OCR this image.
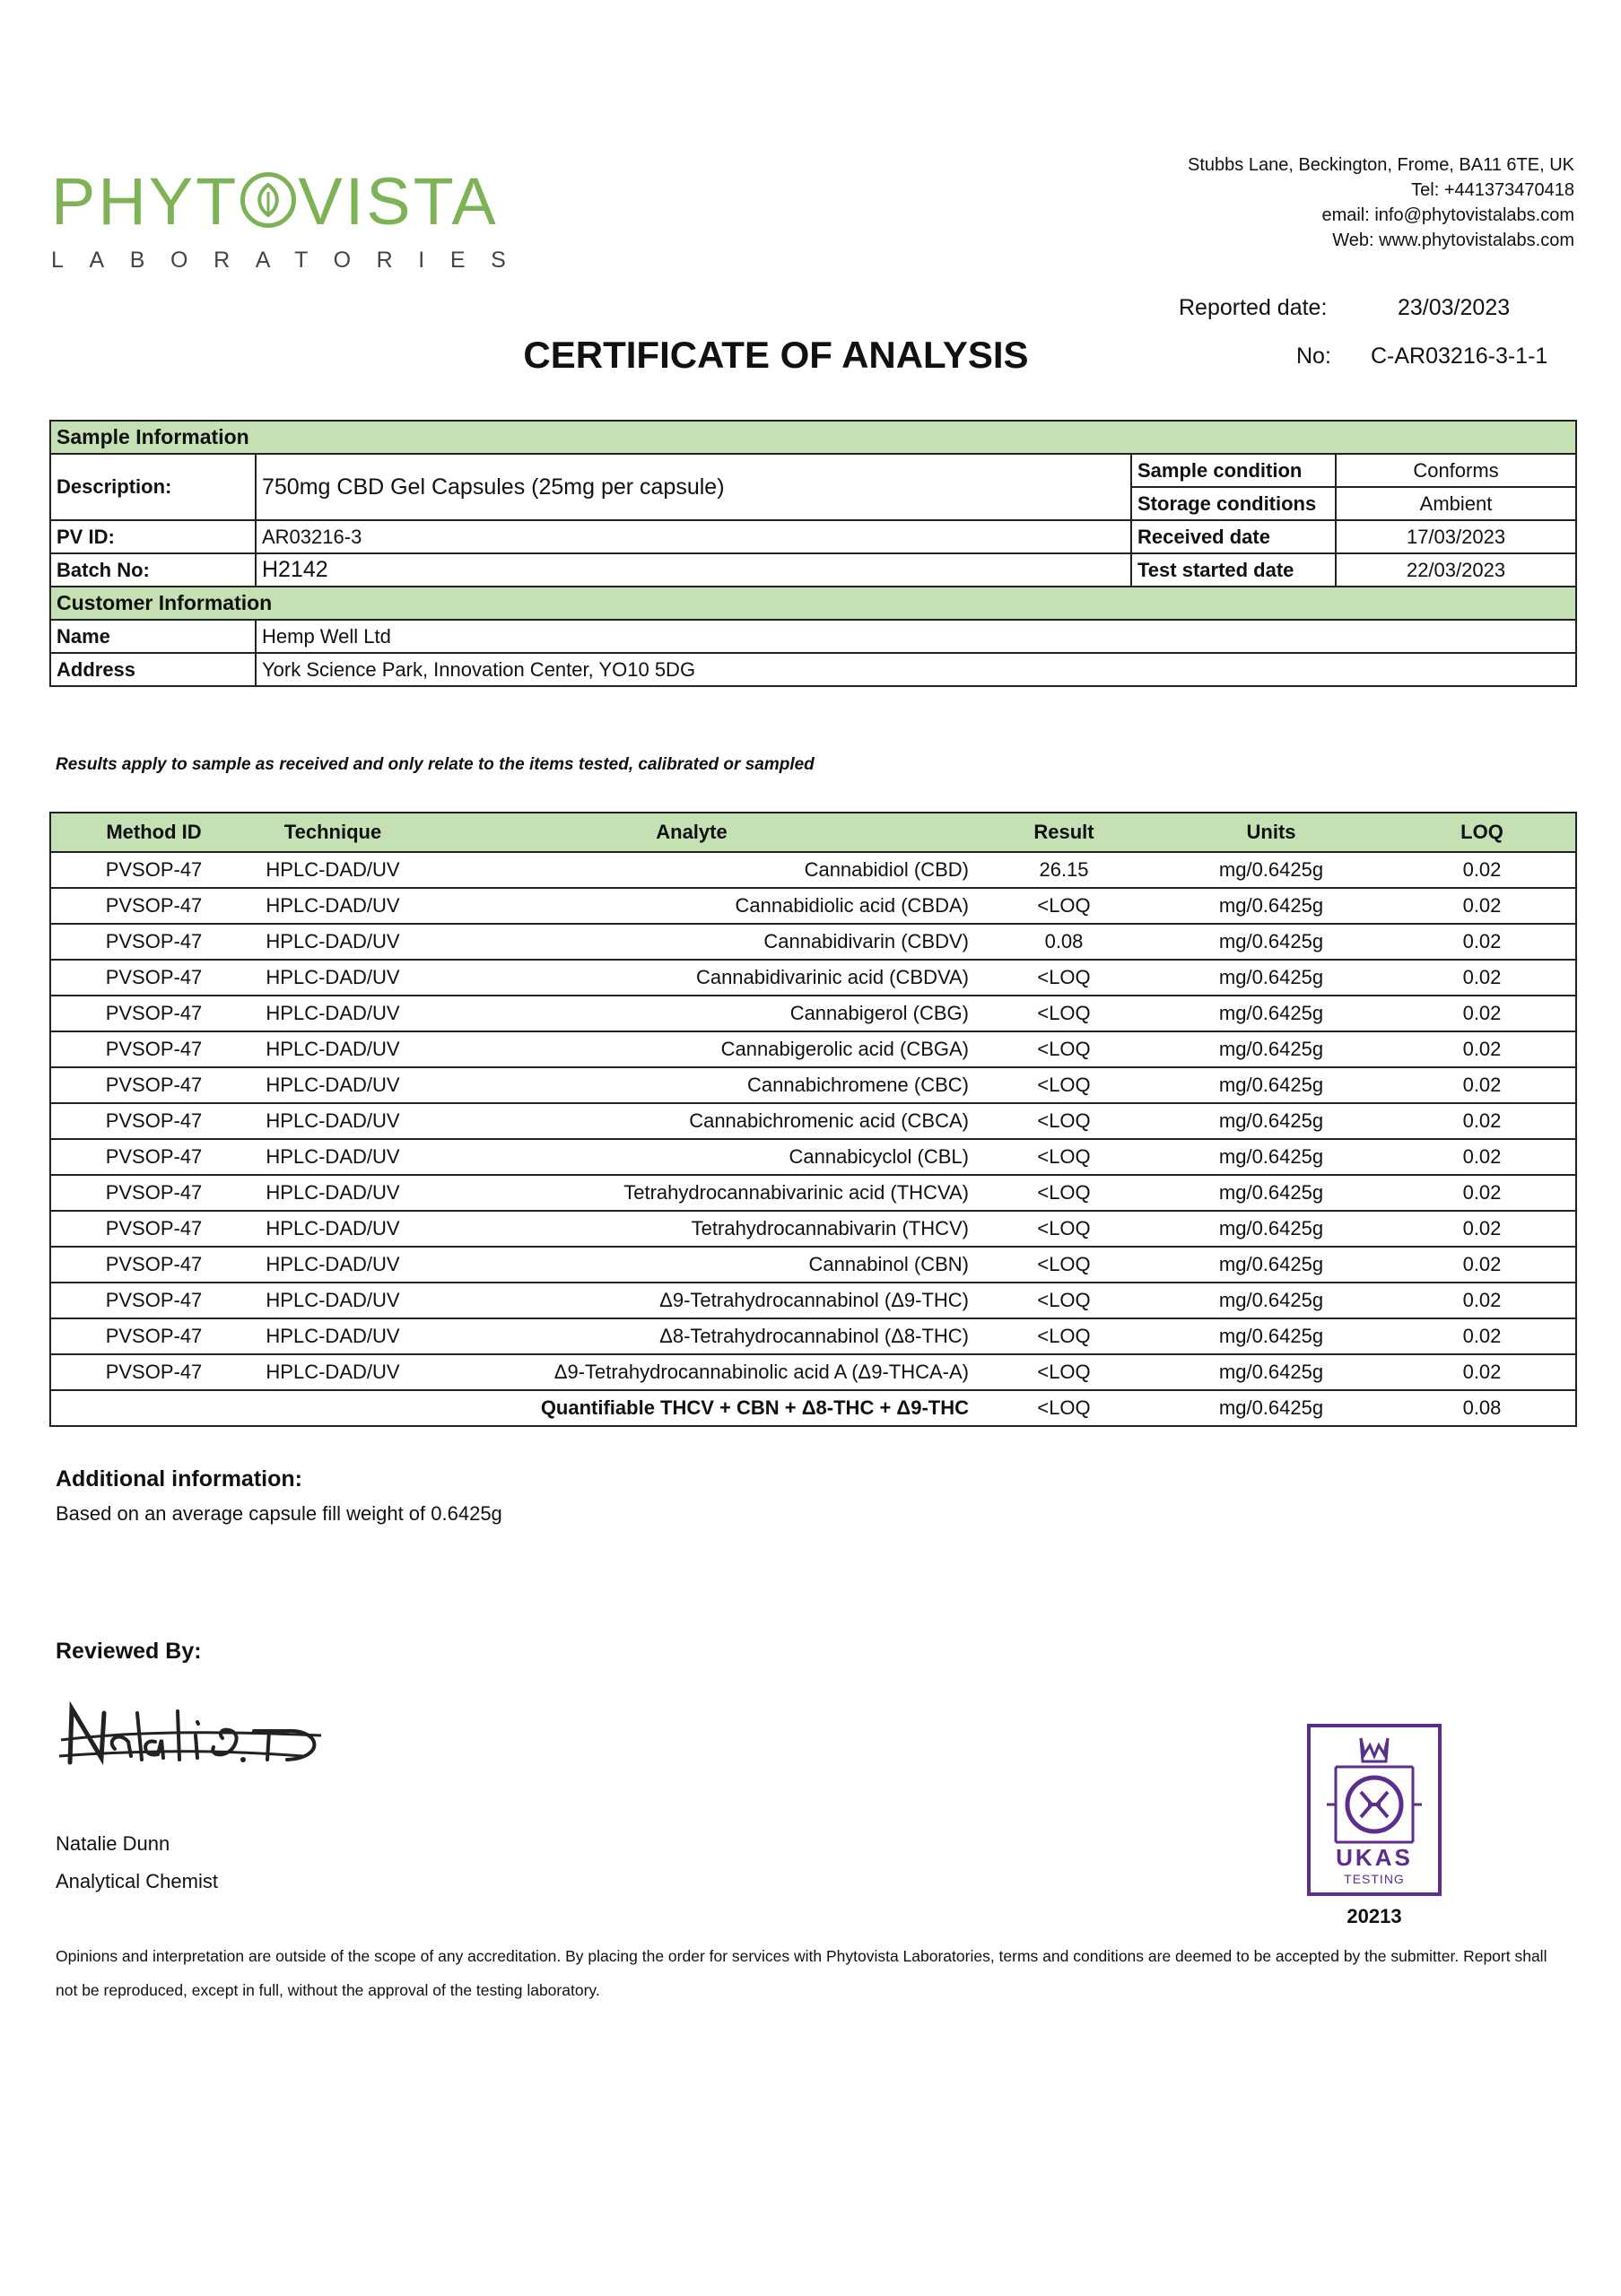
PHYT VISTA
LABORATORIES
Stubbs Lane, Beckington, Frome, BA11 6TE, UK
Tel: +441373470418
email: info@phytovistalabs.com
Web: www.phytovistalabs.com
Reported date:	23/03/2023
No: C-AR03216-3-1-1
CERTIFICATE OF ANALYSIS
Sample Information			
Description:	750mg CBD Gel Capsules (25mg per capsule)	Sample condition	Conforms
		Storage conditions	Ambient
PV ID:	AR03216-3	Received date	17/03/2023
Batch No:	H2142	Test started date	22/03/2023
Customer Information			
Name	Hemp Well Ltd		
Address	York Science Park, Innovation Center, YO10 5DG		
Results apply to sample as received and only relate to the items tested, calibrated or sampled
Method ID	Technique	Analyte	Result	Units	LOQ
PVSOP-47	HPLC-DAD/UV	Cannabidiol (CBD)	26.15	mg/0.6425g	0.02
PVSOP-47	HPLC-DAD/UV	Cannabidiolic acid (CBDA)	<LOQ	mg/0.6425g	0.02
PVSOP-47	HPLC-DAD/UV	Cannabidivarin (CBDV)	0.08	mg/0.6425g	0.02
PVSOP-47	HPLC-DAD/UV	Cannabidivarinic acid (CBDVA)	<LOQ	mg/0.6425g	0.02
PVSOP-47	HPLC-DAD/UV	Cannabigerol (CBG)	<LOQ	mg/0.6425g	0.02
PVSOP-47	HPLC-DAD/UV	Cannabigerolic acid (CBGA)	<LOQ	mg/0.6425g	0.02
PVSOP-47	HPLC-DAD/UV	Cannabichromene (CBC)	<LOQ	mg/0.6425g	0.02
PVSOP-47	HPLC-DAD/UV	Cannabichromenic acid (CBCA)	<LOQ	mg/0.6425g	0.02
PVSOP-47	HPLC-DAD/UV	Cannabicyclol (CBL)	<LOQ	mg/0.6425g	0.02
PVSOP-47	HPLC-DAD/UV	Tetrahydrocannabivarinic acid (THCVA)	<LOQ	mg/0.6425g	0.02
PVSOP-47	HPLC-DAD/UV	Tetrahydrocannabivarin (THCV)	<LOQ	mg/0.6425g	0.02
PVSOP-47	HPLC-DAD/UV	Cannabinol (CBN)	<LOQ	mg/0.6425g	0.02
PVSOP-47	HPLC-DAD/UV	Δ9-Tetrahydrocannabinol (Δ9-THC)	<LOQ	mg/0.6425g	0.02
PVSOP-47	HPLC-DAD/UV	Δ8-Tetrahydrocannabinol (Δ8-THC)	<LOQ	mg/0.6425g	0.02
PVSOP-47	HPLC-DAD/UV	Δ9-Tetrahydrocannabinolic acid A (Δ9-THCA-A)	<LOQ	mg/0.6425g	0.02
		Quantifiable THCV + CBN + Δ8-THC + Δ9-THC	<LOQ	mg/0.6425g	0.08
Additional information:
Based on an average capsule fill weight of 0.6425g
Reviewed By:
Natalie Dunn
Analytical Chemist
UKAS
TESTING
20213
Opinions and interpretation are outside of the scope of any accreditation. By placing the order for services with Phytovista Laboratories, terms and conditions are deemed to be accepted by the submitter. Report shall not be reproduced, except in full, without the approval of the testing laboratory.
